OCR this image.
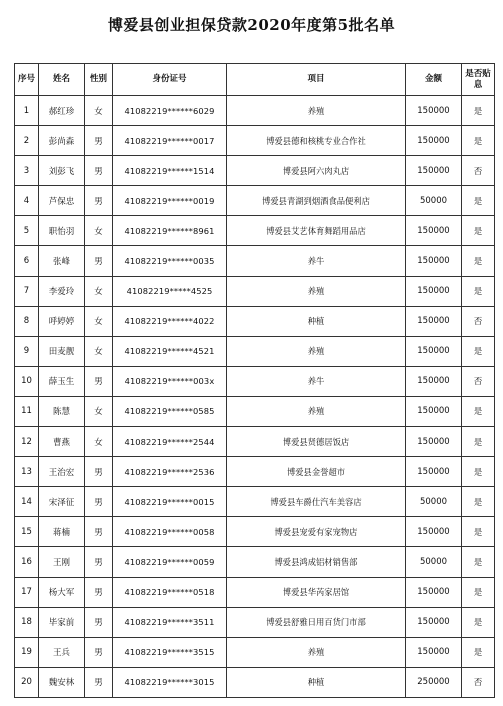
博爱县创业担保贷款2020年度第5批名单
序号	姓名	性别	身份证号	项目	金额	是否贴息
1	郝红珍	女	41082219******6029	养殖	150000	是
2	彭尚森	男	41082219******0017	博爱县德和核桃专业合作社	150000	是
3	刘彭飞	男	41082219******1514	博爱县阿六肉丸店	150000	否
4	芦保忠	男	41082219******0019	博爱县青湖到烟酒食品便利店	50000	是
5	职怡羽	女	41082219******8961	博爱县艾艺体育舞蹈用品店	150000	是
6	张峰	男	41082219******0035	养牛	150000	是
7	李爱玲	女	41082219*****4525	养殖	150000	是
8	呼婷婷	女	41082219******4022	种植	150000	否
9	田麦靓	女	41082219******4521	养殖	150000	是
10	薛玉生	男	41082219******003x	养牛	150000	否
11	陈慧	女	41082219******0585	养殖	150000	是
12	曹燕	女	41082219******2544	博爱县贤德居饭店	150000	是
13	王治宏	男	41082219******2536	博爱县金誉超市	150000	是
14	宋泽征	男	41082219******0015	博爱县车爵仕汽车美容店	50000	是
15	蒋楠	男	41082219******0058	博爱县宠爱有家宠物店	150000	是
16	王刚	男	41082219******0059	博爱县鸿成铝材销售部	50000	是
17	杨大军	男	41082219******0518	博爱县华芮家居馆	150000	是
18	毕家前	男	41082219******3511	博爱县舒雅日用百货门市部	150000	是
19	王兵	男	41082219******3515	养殖	150000	是
20	魏安林	男	41082219******3015	种植	250000	否
